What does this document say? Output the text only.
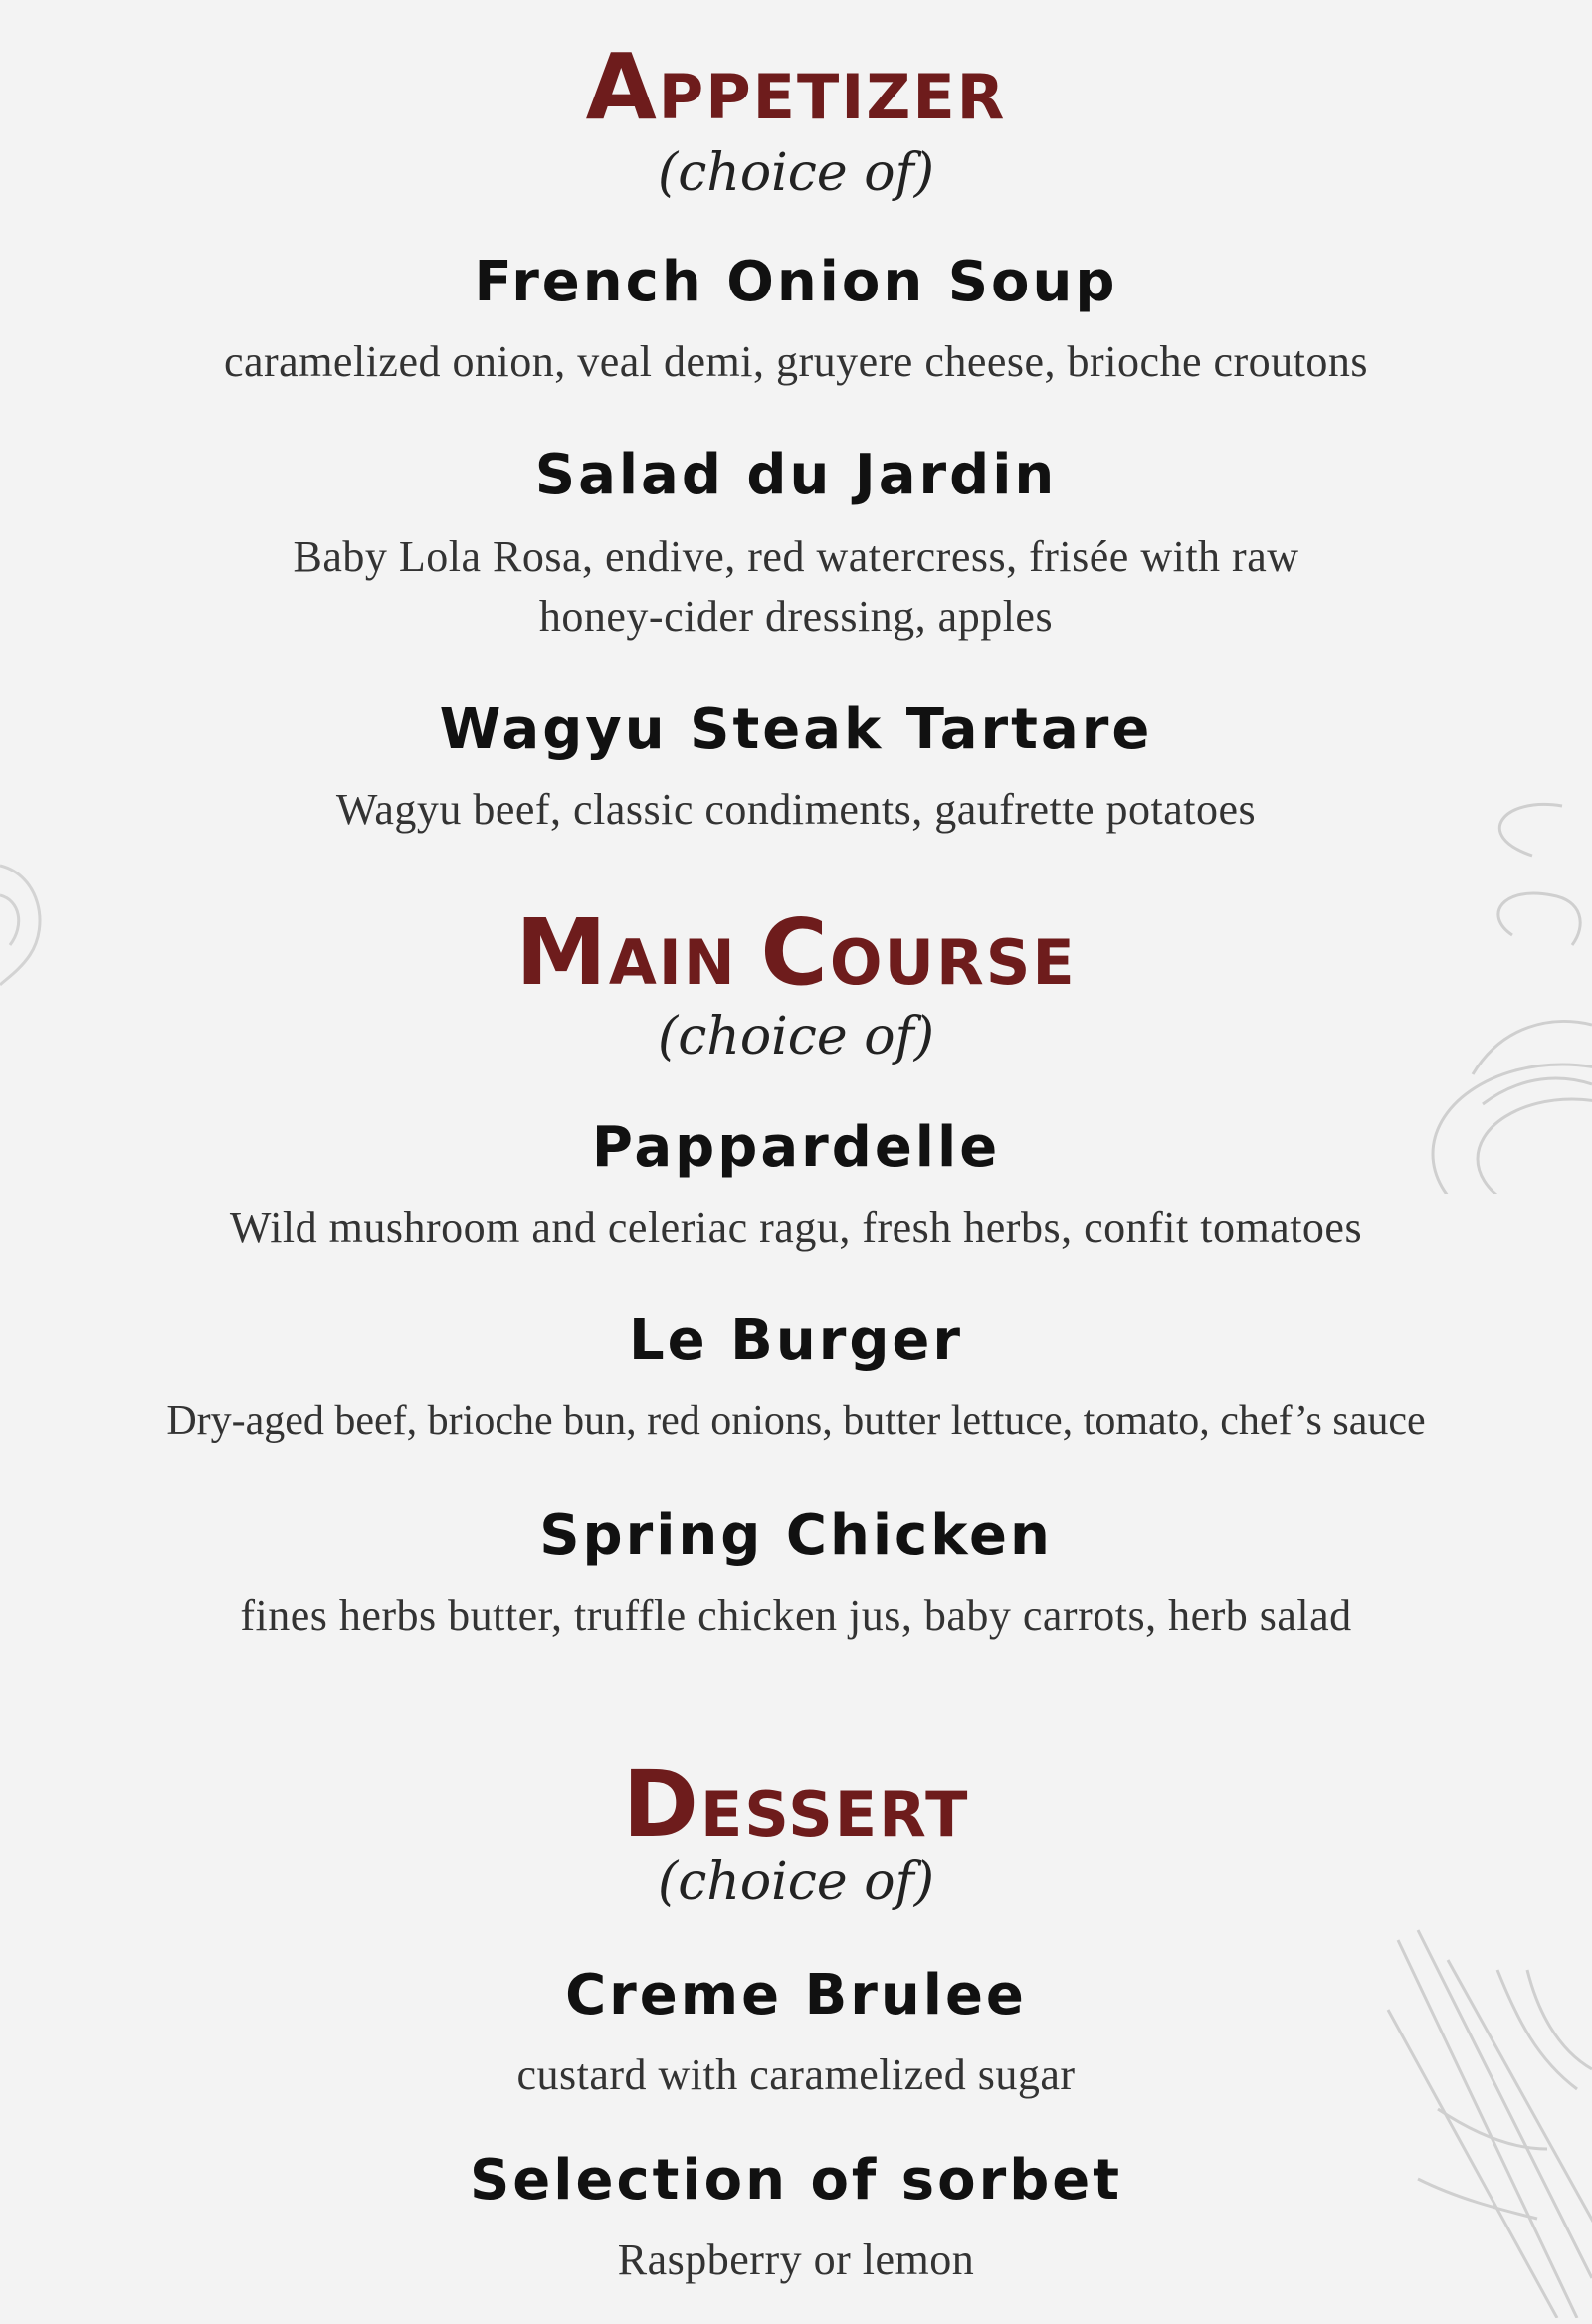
APPETIZER
(choice of)
French Onion Soup
caramelized onion, veal demi, gruyere cheese, brioche croutons
Salad du Jardin
Baby Lola Rosa, endive, red watercress, frisée with raw
honey-cider dressing, apples
Wagyu Steak Tartare
Wagyu beef, classic condiments, gaufrette potatoes
MAIN COURSE
(choice of)
Pappardelle
Wild mushroom and celeriac ragu, fresh herbs, confit tomatoes
Le Burger
Dry-aged beef, brioche bun, red onions, butter lettuce, tomato, chef’s sauce
Spring Chicken
fines herbs butter, truffle chicken jus, baby carrots, herb salad
DESSERT
(choice of)
Creme Brulee
custard with caramelized sugar
Selection of sorbet
Raspberry or lemon
